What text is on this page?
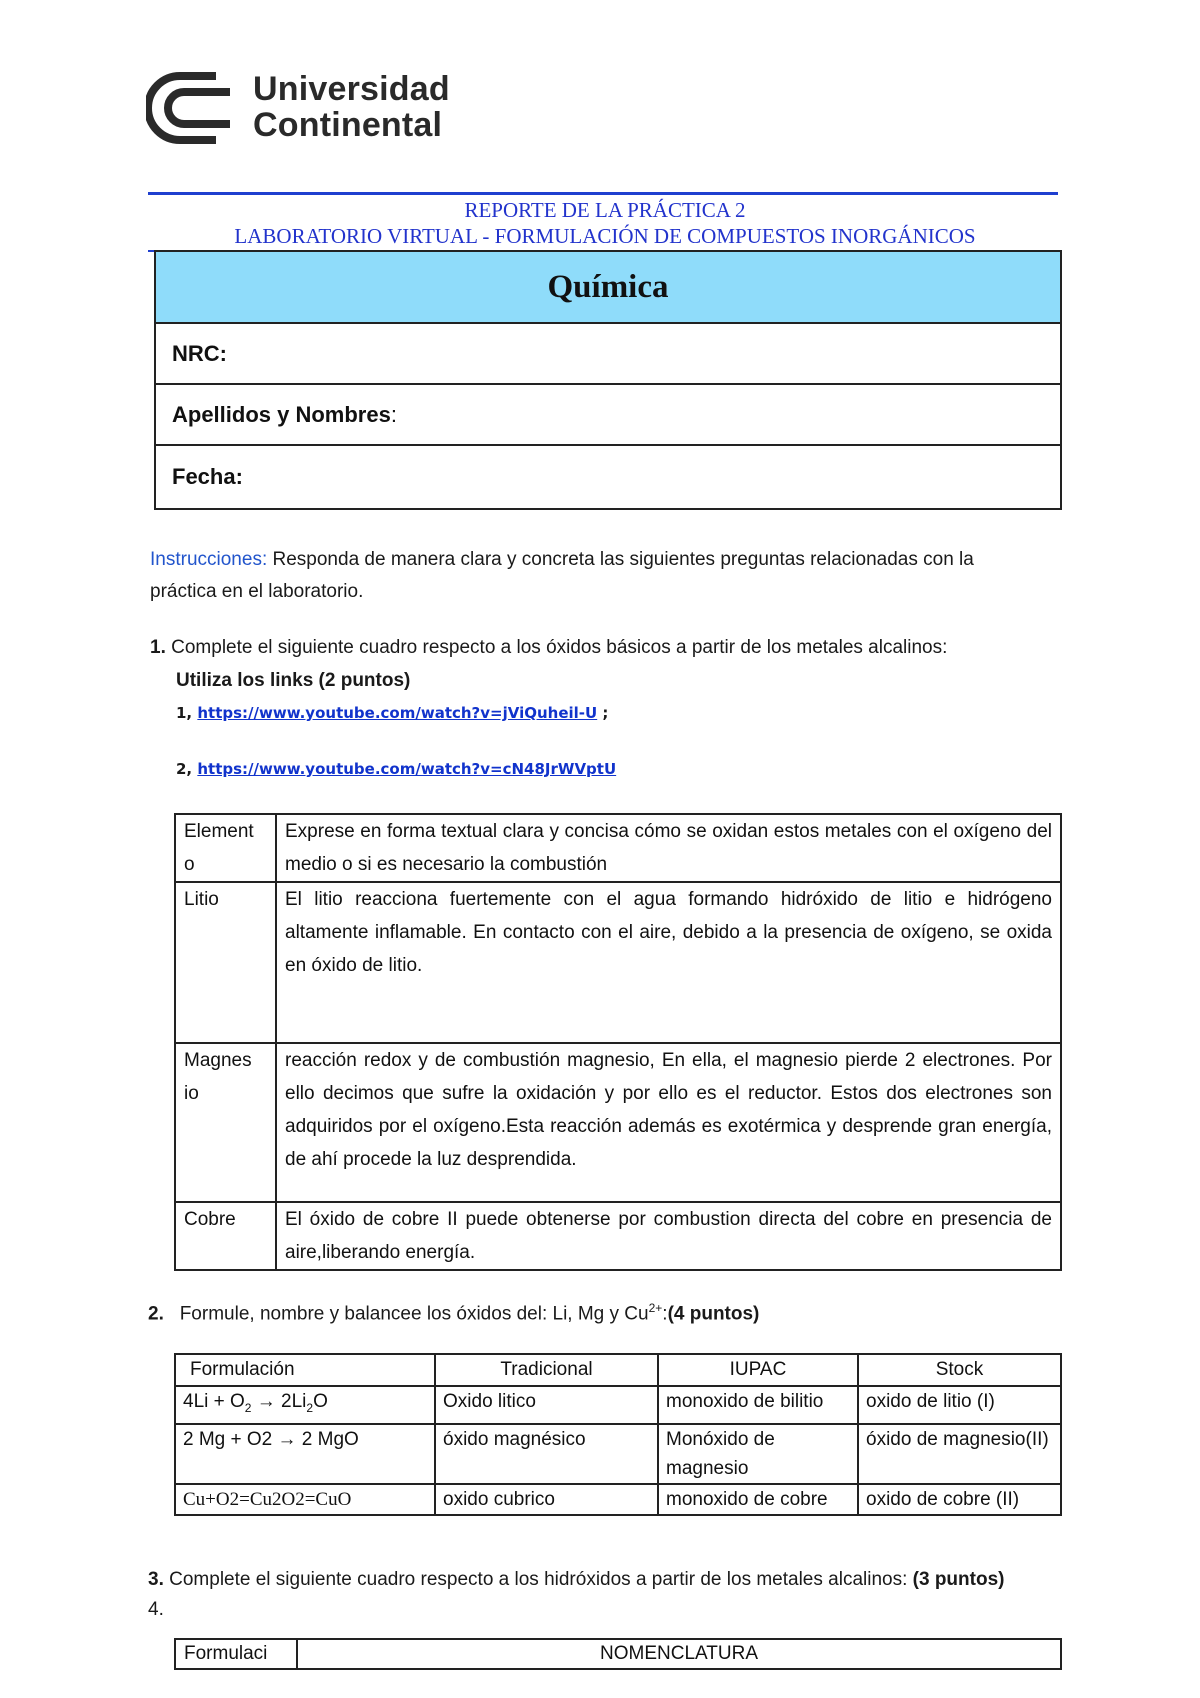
Universidad
Continental
REPORTE DE LA PRÁCTICA 2
LABORATORIO VIRTUAL - FORMULACIÓN DE COMPUESTOS INORGÁNICOS
Química
NRC:
Apellidos y Nombres :
Fecha:
Instrucciones: Responda de manera clara y concreta las siguientes preguntas relacionadas con la
práctica en el laboratorio.
1. Complete el siguiente cuadro respecto a los óxidos básicos a partir de los metales alcalinos:
Utiliza los links (2 puntos)
1, https://www.youtube.com/watch?v=jViQuheil-U ;
2, https://www.youtube.com/watch?v=cN48JrWVptU
Element o	Exprese en forma textual clara y concisa cómo se oxidan estos metales con el oxígeno del medio o si es necesario la combustión
Litio	El litio reacciona fuertemente con el agua formando hidróxido de litio e hidrógeno altamente inflamable. En contacto con el aire, debido a la presencia de oxígeno, se oxida en óxido de litio.
Magnes io	reacción redox y de combustión magnesio, En ella, el magnesio pierde 2 electrones. Por ello decimos que sufre la oxidación y por ello es el reductor. Estos dos electrones son adquiridos por el oxígeno.Esta reacción además es exotérmica y desprende gran energía, de ahí procede la luz desprendida.
Cobre	El óxido de cobre II puede obtenerse por combustion directa del cobre en presencia de aire,liberando energía.
2. Formule, nombre y balancee los óxidos del: Li, Mg y $Cu^{2+}:(4$ puntos)
Formulación	Tradicional	IUPAC	Stock
$4Li + O_2 \to 2Li_2O$	Oxido litico	monoxido de bilitio	oxido de litio (I)
2 Mg + O2 → 2 MgO	óxido magnésico	Monóxido de magnesio	óxido de magnesio(II)
Cu+O2=Cu2O2=CuO	oxido cubrico	monoxido de cobre	oxido de cobre (II)
3. Complete el siguiente cuadro respecto a los hidróxidos a partir de los metales alcalinos: (3 puntos)
4.
Formulaci	NOMENCLATURA
